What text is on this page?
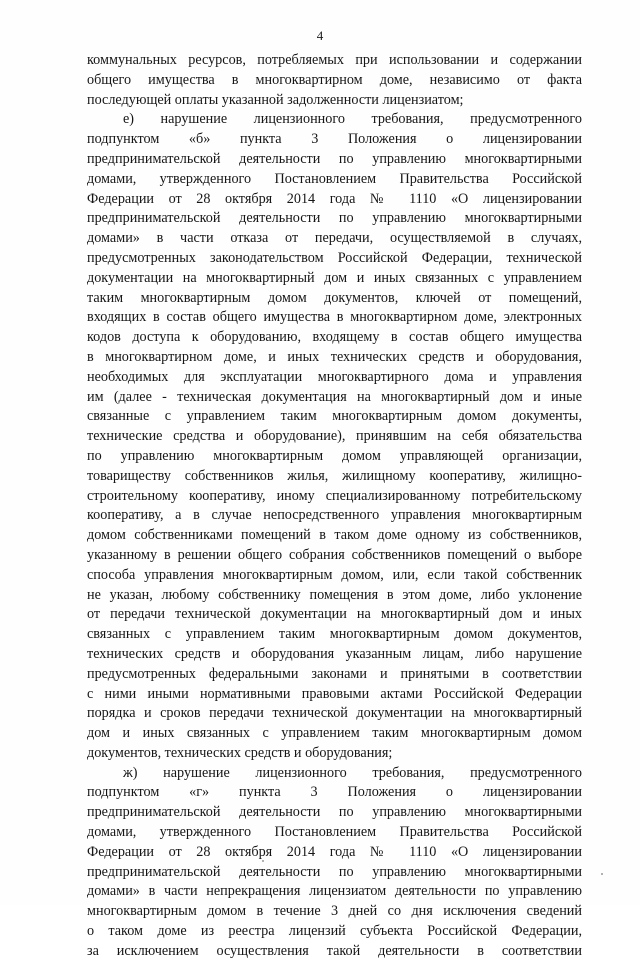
4
коммунальных ресурсов, потребляемых при использовании и содержании
общего имущества в многоквартирном доме, независимо от факта
последующей оплаты указанной задолженности лицензиатом;
е) нарушение лицензионного требования, предусмотренного
подпунктом «б» пункта 3 Положения о лицензировании
предпринимательской деятельности по управлению многоквартирными
домами, утвержденного Постановлением Правительства Российской
Федерации от 28 октября 2014 года № 1110 «О лицензировании
предпринимательской деятельности по управлению многоквартирными
домами» в части отказа от передачи, осуществляемой в случаях,
предусмотренных законодательством Российской Федерации, технической
документации на многоквартирный дом и иных связанных с управлением
таким многоквартирным домом документов, ключей от помещений,
входящих в состав общего имущества в многоквартирном доме, электронных
кодов доступа к оборудованию, входящему в состав общего имущества
в многоквартирном доме, и иных технических средств и оборудования,
необходимых для эксплуатации многоквартирного дома и управления
им (далее - техническая документация на многоквартирный дом и иные
связанные с управлением таким многоквартирным домом документы,
технические средства и оборудование), принявшим на себя обязательства
по управлению многоквартирным домом управляющей организации,
товариществу собственников жилья, жилищному кооперативу, жилищно-
строительному кооперативу, иному специализированному потребительскому
кооперативу, а в случае непосредственного управления многоквартирным
домом собственниками помещений в таком доме одному из собственников,
указанному в решении общего собрания собственников помещений о выборе
способа управления многоквартирным домом, или, если такой собственник
не указан, любому собственнику помещения в этом доме, либо уклонение
от передачи технической документации на многоквартирный дом и иных
связанных с управлением таким многоквартирным домом документов,
технических средств и оборудования указанным лицам, либо нарушение
предусмотренных федеральными законами и принятыми в соответствии
с ними иными нормативными правовыми актами Российской Федерации
порядка и сроков передачи технической документации на многоквартирный
дом и иных связанных с управлением таким многоквартирным домом
документов, технических средств и оборудования;
ж) нарушение лицензионного требования, предусмотренного
подпунктом «г» пункта 3 Положения о лицензировании
предпринимательской деятельности по управлению многоквартирными
домами, утвержденного Постановлением Правительства Российской
Федерации от 28 октября 2014 года № 1110 «О лицензировании
предпринимательской деятельности по управлению многоквартирными
домами» в части непрекращения лицензиатом деятельности по управлению
многоквартирным домом в течение 3 дней со дня исключения сведений
о таком доме из реестра лицензий субъекта Российской Федерации,
за исключением осуществления такой деятельности в соответствии
